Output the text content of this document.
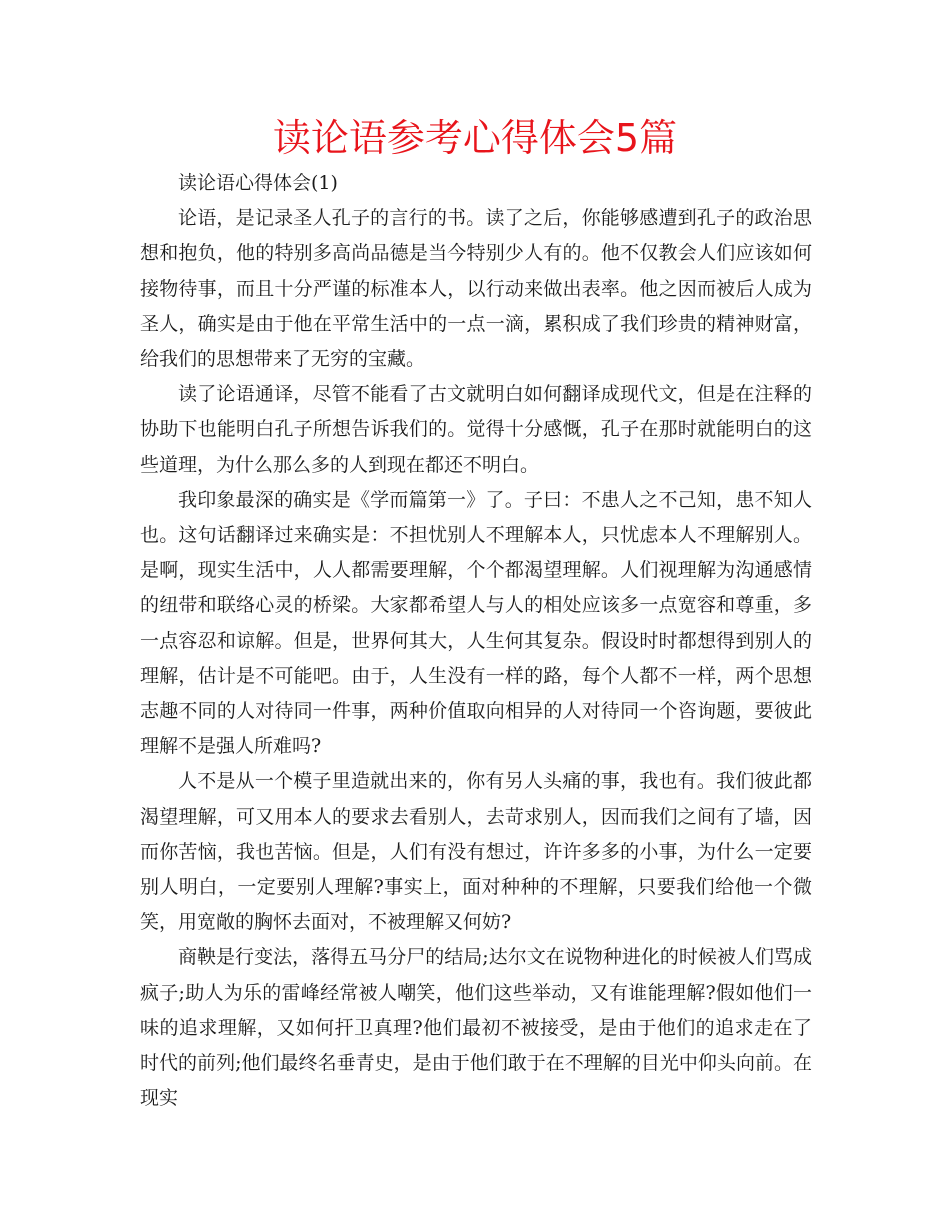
读论语参考心得体会5篇

读论语心得体会(1)

论语，是记录圣人孔子的言行的书。读了之后，你能够感遭到孔子的政治思想和抱负，他的特别多高尚品德是当今特别少人有的。他不仅教会人们应该如何接物待事，而且十分严谨的标准本人，以行动来做出表率。他之因而被后人成为圣人，确实是由于他在平常生活中的一点一滴，累积成了我们珍贵的精神财富，给我们的思想带来了无穷的宝藏。

读了论语通译，尽管不能看了古文就明白如何翻译成现代文，但是在注释的协助下也能明白孔子所想告诉我们的。觉得十分感慨，孔子在那时就能明白的这些道理，为什么那么多的人到现在都还不明白。

我印象最深的确实是《学而篇第一》了。子曰：不患人之不己知，患不知人也。这句话翻译过来确实是：不担忧别人不理解本人，只忧虑本人不理解别人。是啊，现实生活中，人人都需要理解，个个都渴望理解。人们视理解为沟通感情的纽带和联络心灵的桥梁。大家都希望人与人的相处应该多一点宽容和尊重，多一点容忍和谅解。但是，世界何其大，人生何其复杂。假设时时都想得到别人的理解，估计是不可能吧。由于，人生没有一样的路，每个人都不一样，两个思想志趣不同的人对待同一件事，两种价值取向相异的人对待同一个咨询题，要彼此理解不是强人所难吗?

人不是从一个模子里造就出来的，你有另人头痛的事，我也有。我们彼此都渴望理解，可又用本人的要求去看别人，去苛求别人，因而我们之间有了墙，因而你苦恼，我也苦恼。但是，人们有没有想过，许许多多的小事，为什么一定要别人明白，一定要别人理解?事实上，面对种种的不理解，只要我们给他一个微笑，用宽敞的胸怀去面对，不被理解又何妨?

商鞅是行变法，落得五马分尸的结局;达尔文在说物种进化的时候被人们骂成疯子;助人为乐的雷峰经常被人嘲笑，他们这些举动，又有谁能理解?假如他们一味的追求理解，又如何扞卫真理?他们最初不被接受，是由于他们的追求走在了时代的前列;他们最终名垂青史，是由于他们敢于在不理解的目光中仰头向前。在现实
